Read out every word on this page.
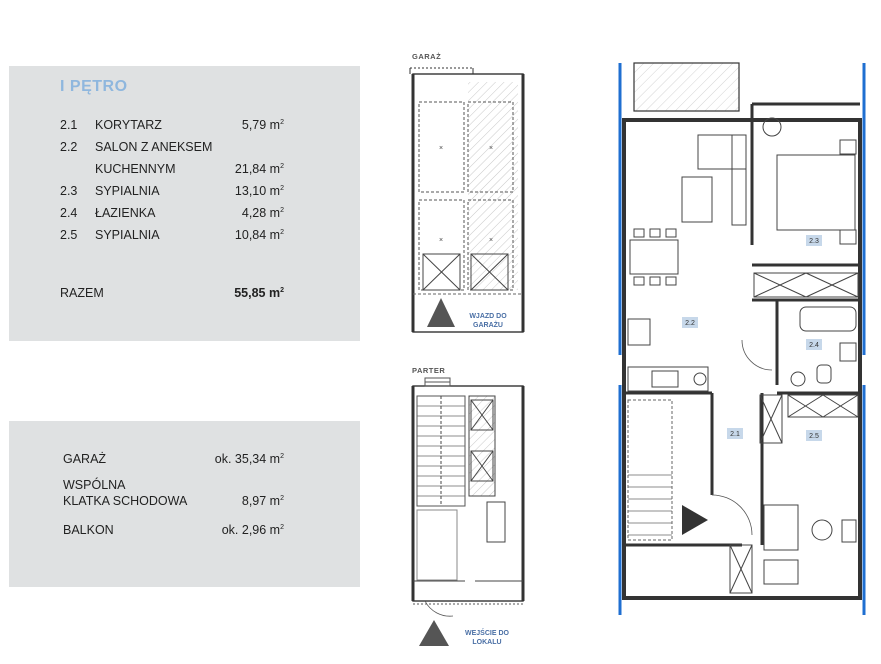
I PĘTRO
2.1 KORYTARZ	5,79 $m^2$
2.2 SALON Z ANEKSEM
KUCHENNYM	21,84 $m^2$
2.3 SYPIALNIA	13,10 $m^2$
2.4 ŁAZIENKA	4,28 $m^2$
2.5 SYPIALNIA	10,84 $m^2$
RAZEM	55,85 $m^2$
GARAŻ	ok. 35,34 $m^2$
WSPÓLNA
KLATKA SCHODOWA	8,97 $m^2$
BALKON	ok. 2,96 $m^2$
GARAŻ
×	×
×	×
WJAZD DO
GARAŻU
PARTER
WEJŚCIE DO
LOKALU
2.1
2.2
2.3
2.4
2.5
